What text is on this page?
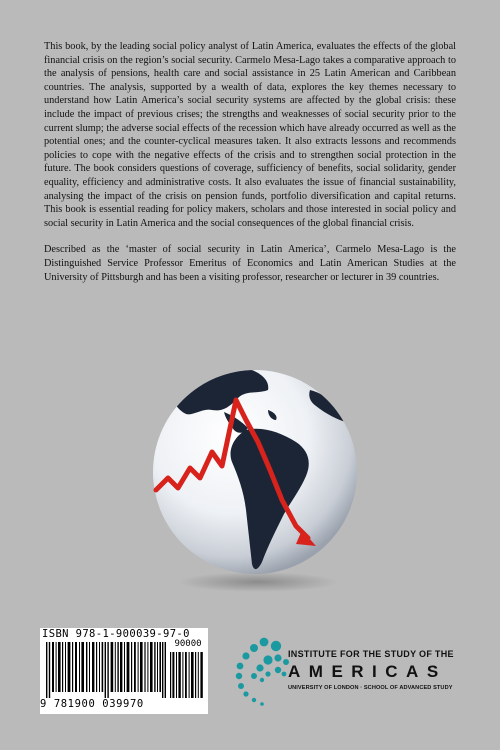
This book, by the leading social policy analyst of Latin America, evaluates the effects of the global financial crisis on the region’s social security. Carmelo Mesa-Lago takes a comparative approach to the analysis of pensions, health care and social assistance in 25 Latin American and Caribbean countries. The analysis, supported by a wealth of data, explores the key themes necessary to understand how Latin America’s social security systems are affected by the global crisis: these include the impact of previous crises; the strengths and weaknesses of social security prior to the current slump; the adverse social effects of the recession which have already occurred as well as the potential ones; and the counter-cyclical measures taken. It also extracts lessons and recommends policies to cope with the negative effects of the crisis and to strengthen social protection in the future. The book considers questions of coverage, sufficiency of benefits, social solidarity, gender equality, efficiency and administrative costs. It also evaluates the issue of financial sustainability, analysing the impact of the crisis on pension funds, portfolio diversification and capital returns. This book is essential reading for policy makers, scholars and those interested in social policy and social security in Latin America and the social consequences of the global financial crisis.

Described as the ‘master of social security in Latin America’, Carmelo Mesa-Lago is the Distinguished Service Professor Emeritus of Economics and Latin American Studies at the University of Pittsburgh and has been a visiting professor, researcher or lecturer in 39 countries.

ISBN 978-1-900039-97-0
90000
9 781900 039970
INSTITUTE FOR THE STUDY OF THE
AMERICAS
UNIVERSITY OF LONDON · SCHOOL OF ADVANCED STUDY
